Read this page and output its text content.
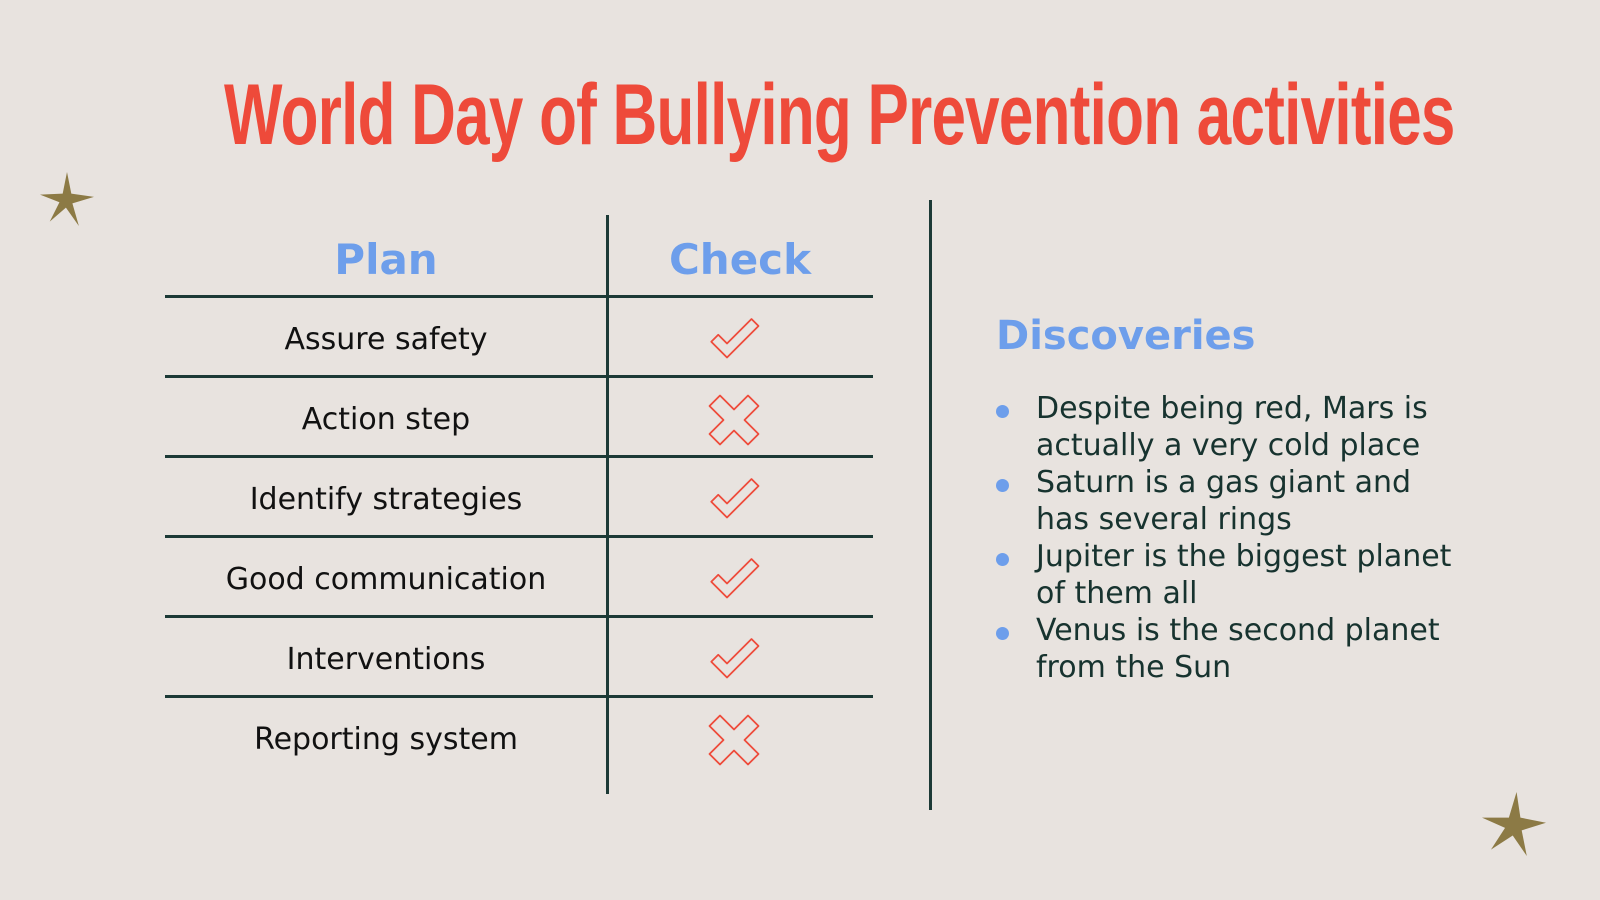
World Day of Bullying Prevention activities
Plan	Check
Assure safety
Action step
Identify strategies
Good communication
Interventions
Reporting system
Discoveries
Despite being red, Mars is actually a very cold place
Saturn is a gas giant and has several rings
Jupiter is the biggest planet of them all
Venus is the second planet from the Sun
